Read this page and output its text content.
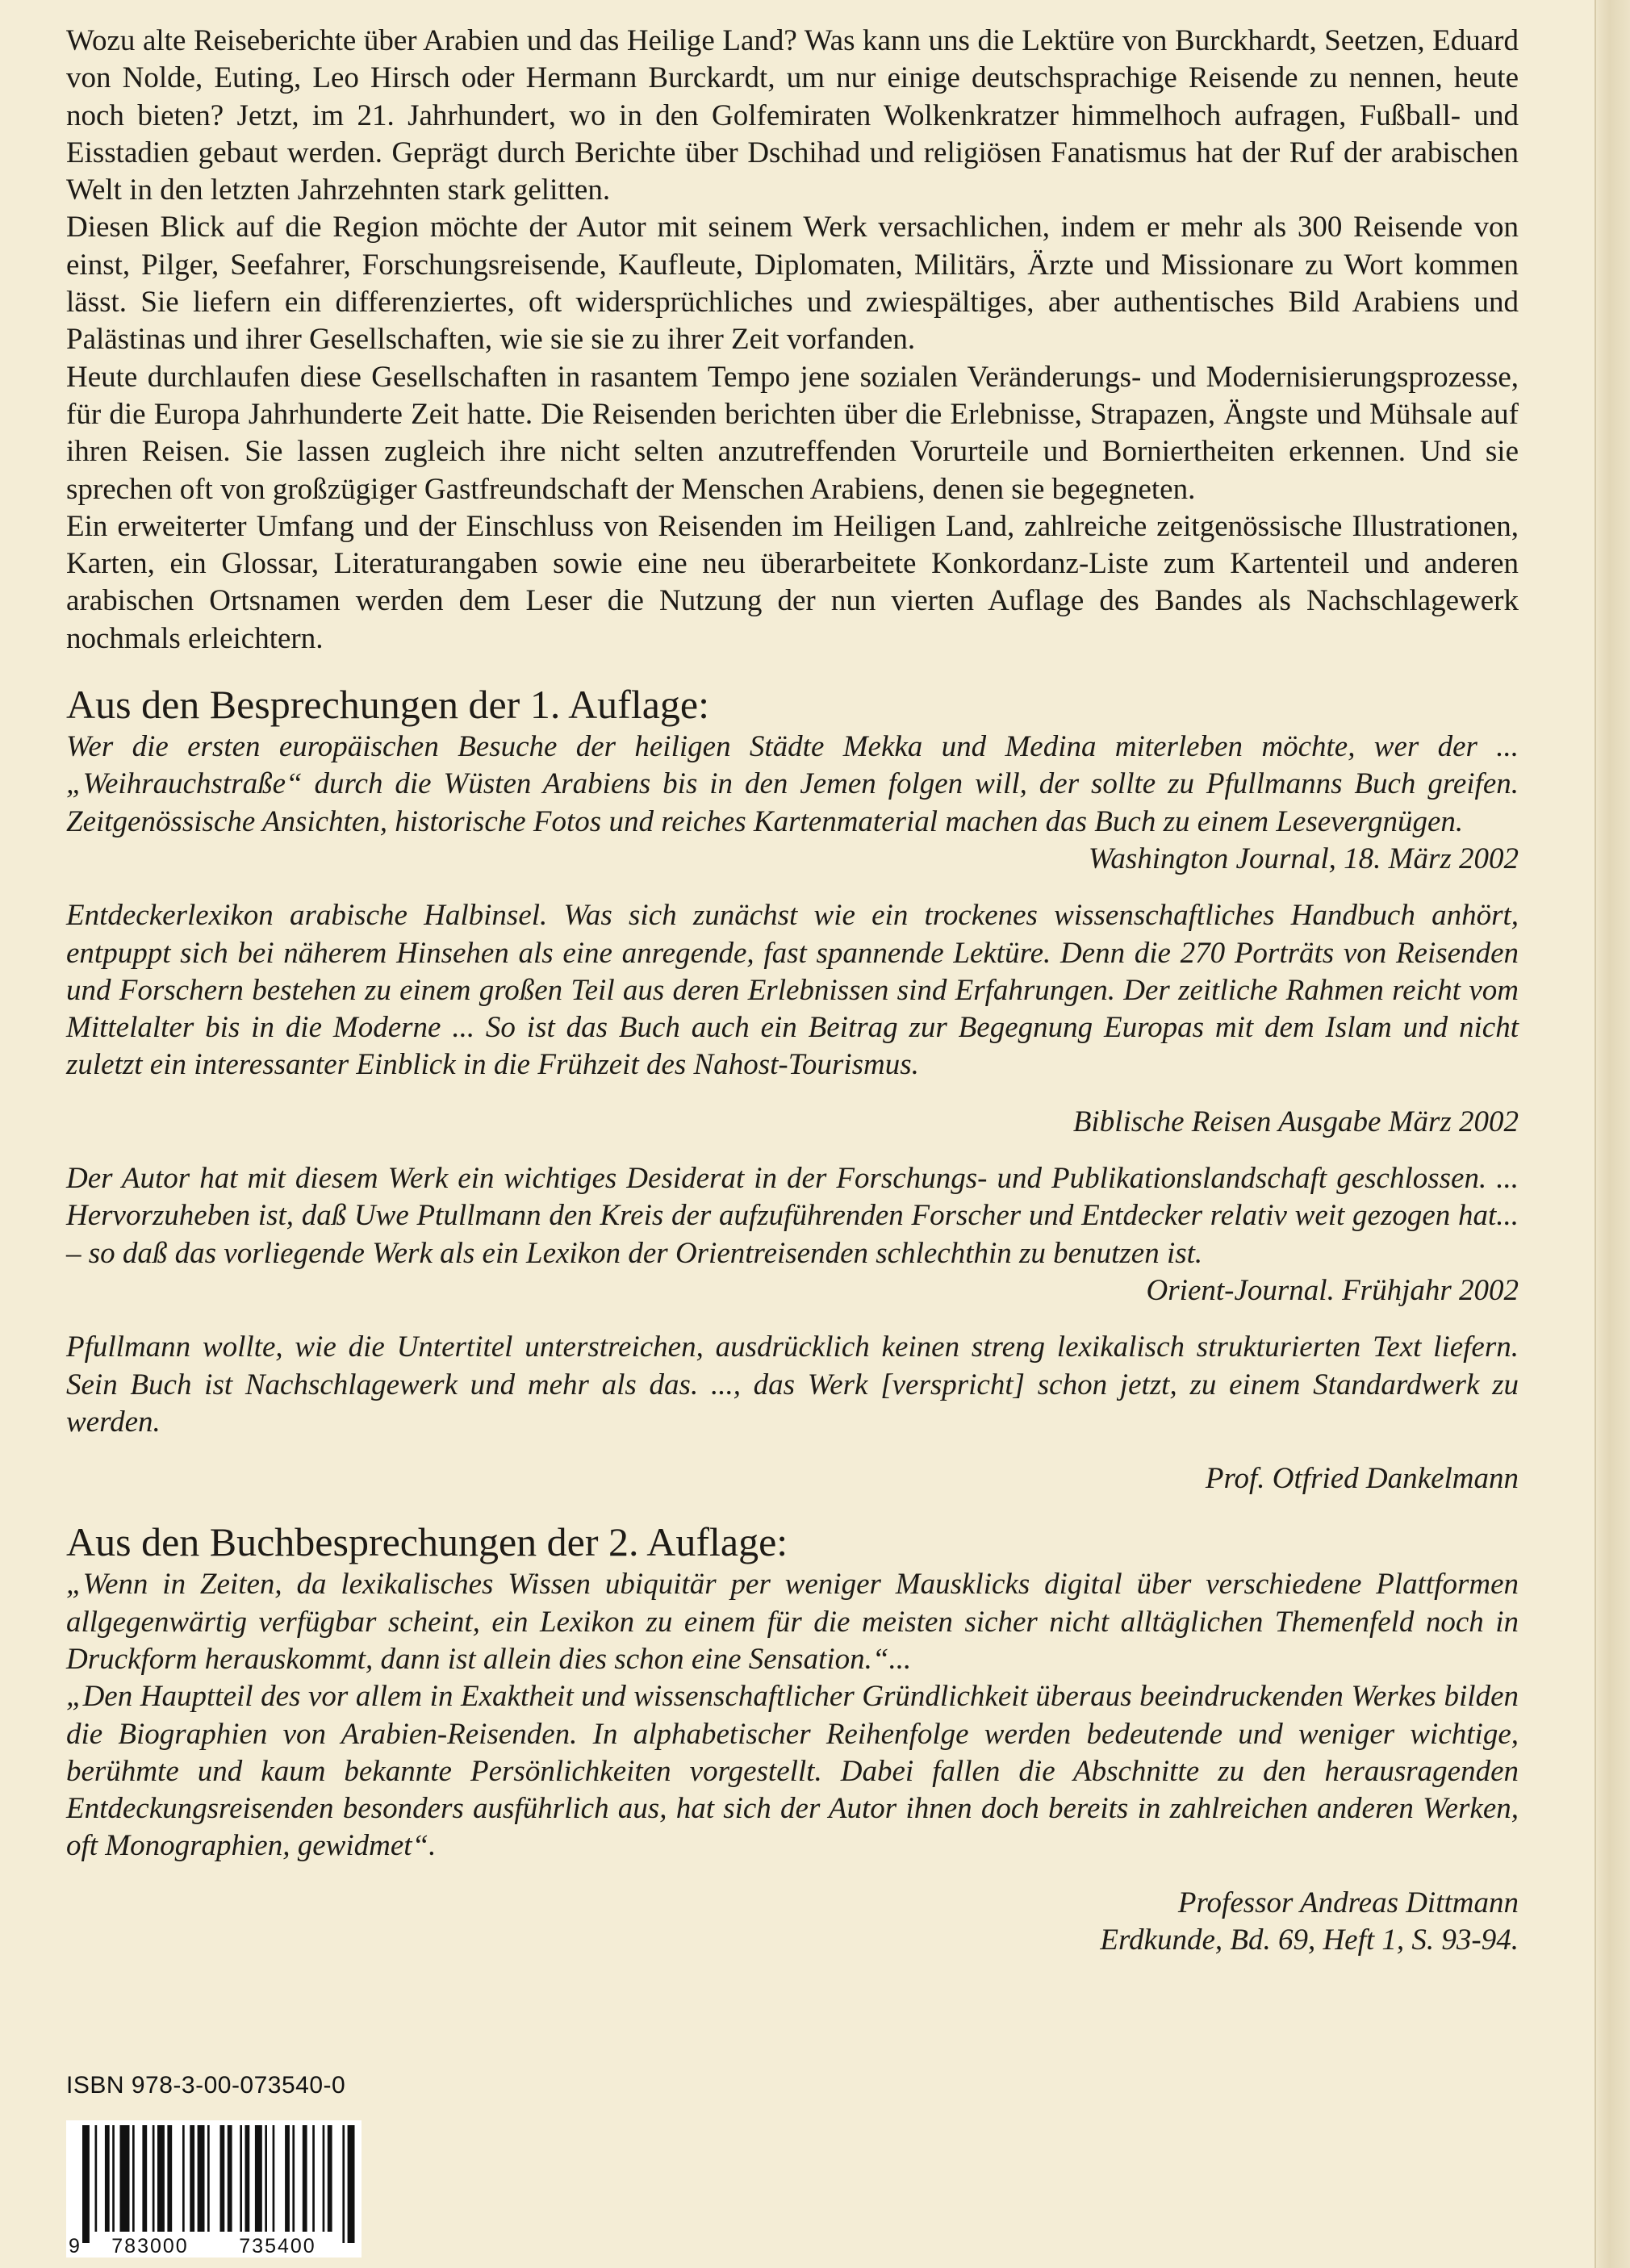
Wozu alte Reiseberichte über Arabien und das Heilige Land? Was kann uns die Lektüre von Burckhardt, Seetzen, Eduard von Nolde, Euting, Leo Hirsch oder Hermann Burckardt, um nur einige deutschsprachige Reisende zu nennen, heute noch bieten? Jetzt, im 21. Jahrhundert, wo in den Golfemiraten Wolkenkratzer himmelhoch aufragen, Fußball- und Eisstadien gebaut werden. Geprägt durch Berichte über Dschihad und religiösen Fanatismus hat der Ruf der arabischen Welt in den letzten Jahrzehnten stark gelitten.

Diesen Blick auf die Region möchte der Autor mit seinem Werk versachlichen, indem er mehr als 300 Reisende von einst, Pilger, Seefahrer, Forschungsreisende, Kaufleute, Diplomaten, Militärs, Ärzte und Missionare zu Wort kommen lässt. Sie liefern ein differenziertes, oft widersprüchliches und zwiespältiges, aber authentisches Bild Arabiens und Palästinas und ihrer Gesellschaften, wie sie sie zu ihrer Zeit vorfanden.

Heute durchlaufen diese Gesellschaften in rasantem Tempo jene sozialen Veränderungs- und Modernisierungsprozesse, für die Europa Jahrhunderte Zeit hatte. Die Reisenden berichten über die Erlebnisse, Strapazen, Ängste und Mühsale auf ihren Reisen. Sie lassen zugleich ihre nicht selten anzutreffenden Vorurteile und Borniertheiten erkennen. Und sie sprechen oft von großzügiger Gastfreundschaft der Menschen Arabiens, denen sie begegneten.

Ein erweiterter Umfang und der Einschluss von Reisenden im Heiligen Land, zahlreiche zeitgenössische Illustrationen, Karten, ein Glossar, Literaturangaben sowie eine neu überarbeitete Konkordanz-Liste zum Kartenteil und anderen arabischen Ortsnamen werden dem Leser die Nutzung der nun vierten Auflage des Bandes als Nachschlagewerk nochmals erleichtern.

Aus den Besprechungen der 1. Auflage:

Wer die ersten europäischen Besuche der heiligen Städte Mekka und Medina miterleben möchte, wer der ... „Weihrauchstraße“ durch die Wüsten Arabiens bis in den Jemen folgen will, der sollte zu Pfullmanns Buch greifen. Zeitgenössische Ansichten, historische Fotos und reiches Kartenmaterial machen das Buch zu einem Lesevergnügen.

Washington Journal, 18. März 2002

Entdeckerlexikon arabische Halbinsel. Was sich zunächst wie ein trockenes wissenschaftliches Handbuch anhört, entpuppt sich bei näherem Hinsehen als eine anregende, fast spannende Lektüre. Denn die 270 Porträts von Reisenden und Forschern bestehen zu einem großen Teil aus deren Erlebnissen sind Erfahrungen. Der zeitliche Rahmen reicht vom Mittelalter bis in die Moderne ... So ist das Buch auch ein Beitrag zur Begegnung Europas mit dem Islam und nicht zuletzt ein interessanter Einblick in die Frühzeit des Nahost-Tourismus.

Biblische Reisen Ausgabe März 2002

Der Autor hat mit diesem Werk ein wichtiges Desiderat in der Forschungs- und Publikationslandschaft geschlossen. ... Hervorzuheben ist, daß Uwe Ptullmann den Kreis der aufzuführenden Forscher und Entdecker relativ weit gezogen hat... – so daß das vorliegende Werk als ein Lexikon der Orientreisenden schlechthin zu benutzen ist.

Orient-Journal. Frühjahr 2002

Pfullmann wollte, wie die Untertitel unterstreichen, ausdrücklich keinen streng lexikalisch strukturierten Text liefern. Sein Buch ist Nachschlagewerk und mehr als das. ..., das Werk [verspricht] schon jetzt, zu einem Standardwerk zu werden.

Prof. Otfried Dankelmann

Aus den Buchbesprechungen der 2. Auflage:

„Wenn in Zeiten, da lexikalisches Wissen ubiquitär per weniger Mausklicks digital über verschiedene Plattformen allgegenwärtig verfügbar scheint, ein Lexikon zu einem für die meisten sicher nicht alltäglichen Themenfeld noch in Druckform herauskommt, dann ist allein dies schon eine Sensation.“...

„Den Hauptteil des vor allem in Exaktheit und wissenschaftlicher Gründlichkeit überaus beeindruckenden Werkes bilden die Biographien von Arabien-Reisenden. In alphabetischer Reihenfolge werden bedeutende und weniger wichtige, berühmte und kaum bekannte Persönlichkeiten vorgestellt. Dabei fallen die Abschnitte zu den herausragenden Entdeckungsreisenden besonders ausführlich aus, hat sich der Autor ihnen doch bereits in zahlreichen anderen Werken, oft Monographien, gewidmet“.

Professor Andreas Dittmann

Erdkunde, Bd. 69, Heft 1, S. 93-94.

ISBN 978-3-00-073540-0
9 783000	735400
